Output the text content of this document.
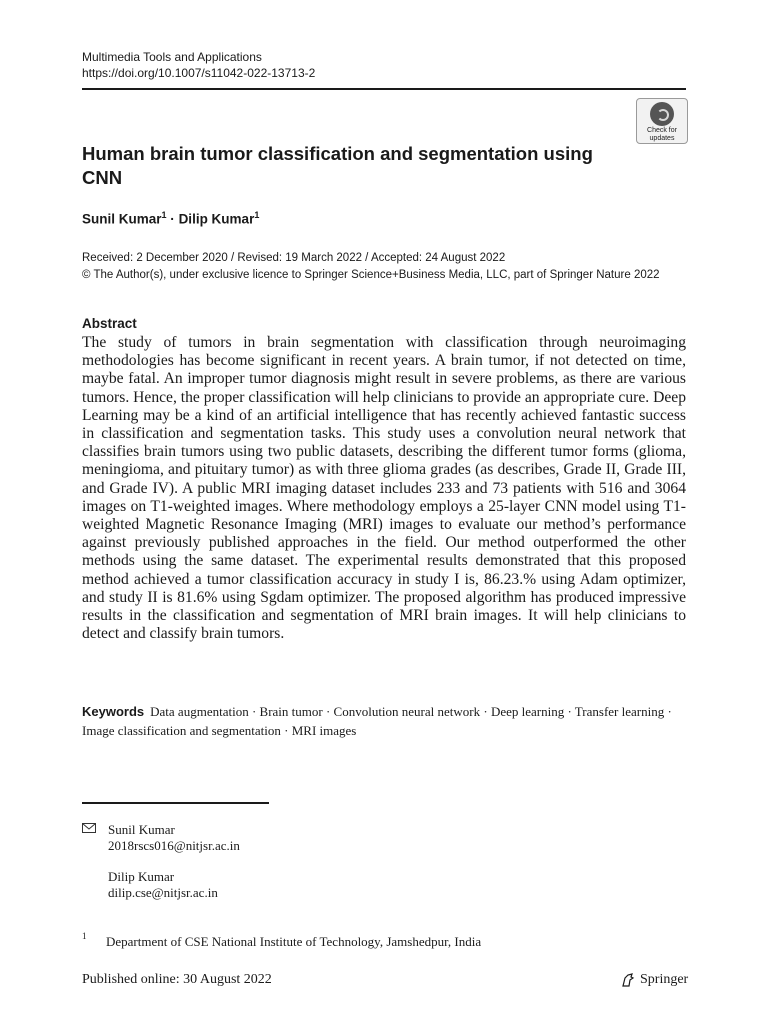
Multimedia Tools and Applications
https://doi.org/10.1007/s11042-022-13713-2
Check for
updates
Human brain tumor classification and segmentation using CNN
Sunil Kumar$^1$ · Dilip Kumar$^1$
Received: 2 December 2020 / Revised: 19 March 2022 / Accepted: 24 August 2022
© The Author(s), under exclusive licence to Springer Science+Business Media, LLC, part of Springer Nature 2022
Abstract

The study of tumors in brain segmentation with classification through neuroimaging methodologies has become significant in recent years. A brain tumor, if not detected on time, maybe fatal. An improper tumor diagnosis might result in severe problems, as there are various tumors. Hence, the proper classification will help clinicians to provide an appropriate cure. Deep Learning may be a kind of an artificial intelligence that has recently achieved fantastic success in classification and segmentation tasks. This study uses a convolution neural network that classifies brain tumors using two public datasets, describing the different tumor forms (glioma, meningioma, and pituitary tumor) as with three glioma grades (as describes, Grade II, Grade III, and Grade IV). A public MRI imaging dataset includes 233 and 73 patients with 516 and 3064 images on T1-weighted images. Where methodology employs a 25-layer CNN model using T1-weighted Magnetic Resonance Imaging (MRI) images to evaluate our method’s performance against previously published approaches in the field. Our method outperformed the other methods using the same dataset. The experimental results demonstrated that this proposed method achieved a tumor classification accuracy in study I is, 86.23.% using Adam optimizer, and study II is 81.6% using Sgdam optimizer. The proposed algorithm has produced impressive results in the classification and segmentation of MRI brain images. It will help clinicians to detect and classify brain tumors.

Keywords Data augmentation · Brain tumor · Convolution neural network · Deep learning · Transfer learning · Image classification and segmentation · MRI images
Sunil Kumar
2018rscs016@nitjsr.ac.in
Dilip Kumar
dilip.cse@nitjsr.ac.in
1 Department of CSE National Institute of Technology, Jamshedpur, India
Published online: 30 August 2022	Springer
